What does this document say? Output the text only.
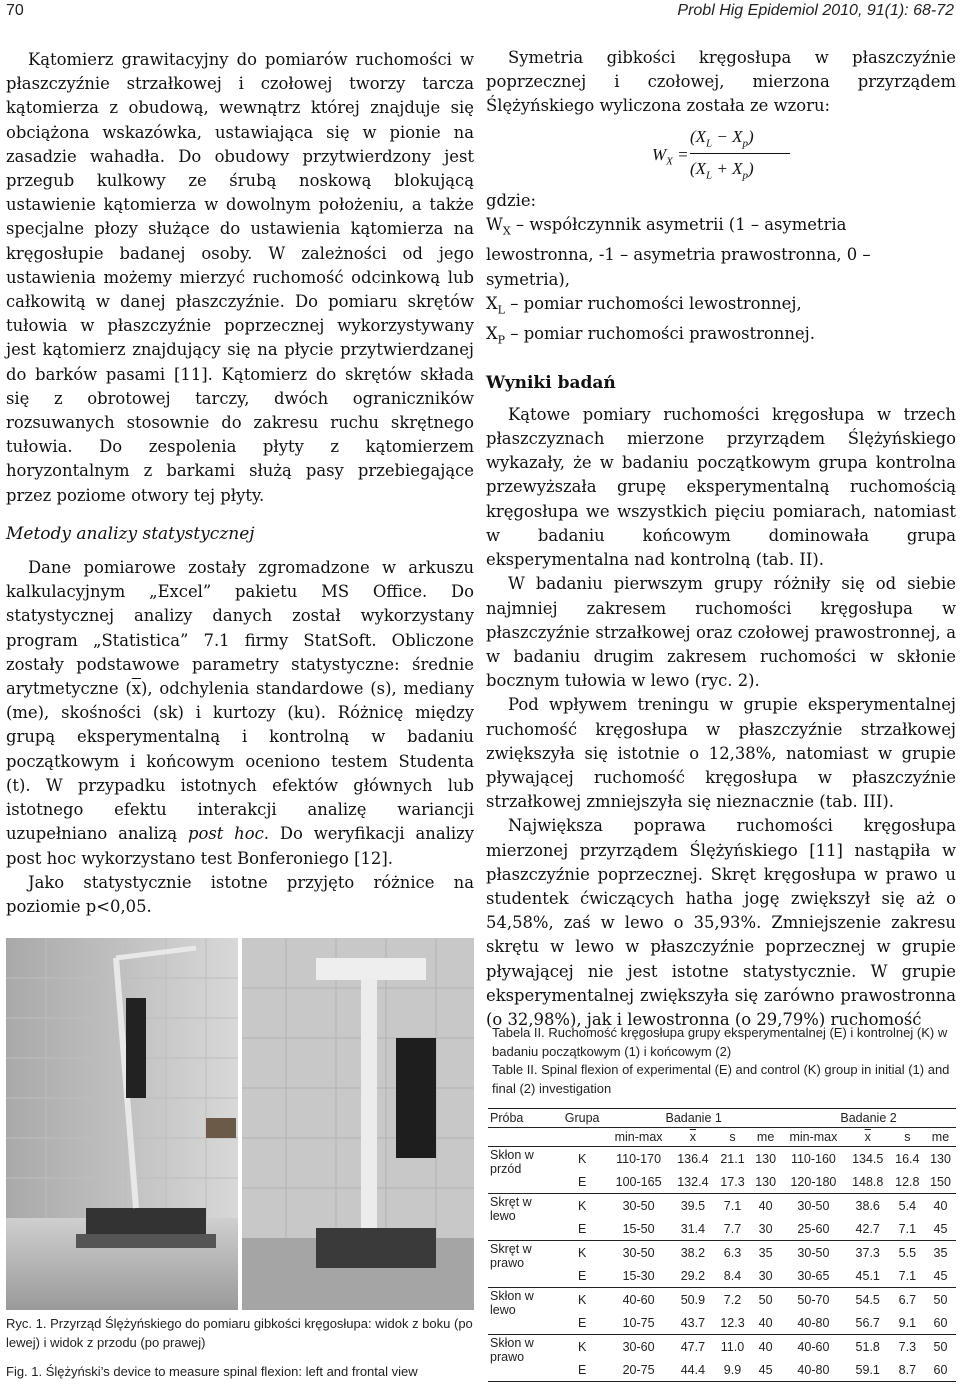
70	Probl Hig Epidemiol 2010, 91(1): 68-72

Kątomierz grawitacyjny do pomiarów ruchomości w płaszczyźnie strzałkowej i czołowej tworzy tarcza kątomierza z obudową, wewnątrz której znajduje się obciążona wskazówka, ustawiająca się w pionie na zasadzie wahadła. Do obudowy przytwierdzony jest przegub kulkowy ze śrubą noskową blokującą ustawienie kątomierza w dowolnym położeniu, a także specjalne płozy służące do ustawienia kątomierza na kręgosłupie badanej osoby. W zależności od jego ustawienia możemy mierzyć ruchomość odcinkową lub całkowitą w danej płaszczyźnie. Do pomiaru skrętów tułowia w płaszczyźnie poprzecznej wykorzystywany jest kątomierz znajdujący się na płycie przytwierdzanej do barków pasami [11]. Kątomierz do skrętów składa się z obrotowej tarczy, dwóch ograniczników rozsuwanych stosownie do zakresu ruchu skrętnego tułowia. Do zespolenia płyty z kątomierzem horyzontalnym z barkami służą pasy przebiegające przez poziome otwory tej płyty.

Metody analizy statystycznej

Dane pomiarowe zostały zgromadzone w arkuszu kalkulacyjnym „Excel” pakietu MS Office. Do statystycznej analizy danych został wykorzystany program „Statistica” 7.1 firmy StatSoft. Obliczone zostały podstawowe parametry statystyczne: średnie arytmetyczne $(\overline{x})$, odchylenia standardowe (s), mediany (me), skośności (sk) i kurtozy (ku). Różnicę między grupą eksperymentalną i kontrolną w badaniu początkowym i końcowym oceniono testem Studenta (t). W przypadku istotnych efektów głównych lub istotnego efektu interakcji analizę wariancji uzupełniano analizą post hoc. Do weryfikacji analizy post hoc wykorzystano test Bonferoniego [12].

Jako statystycznie istotne przyjęto różnice na poziomie p<0,05.

Ryc. 1. Przyrząd Ślężyńskiego do pomiaru gibkości kręgosłupa: widok z boku (po lewej) i widok z przodu (po prawej)
Fig. 1. Ślężyński’s device to measure spinal flexion: left and frontal view

Symetria gibkości kręgosłupa w płaszczyźnie poprzecznej i czołowej, mierzona przyrządem Ślężyńskiego wyliczona została ze wzoru:

$W_X$ =
$(X_L - X_p)$
$(X_L + X_p)$

gdzie:

$W_X$ – współczynnik asymetrii (1 – asymetria lewostronna, -1 – asymetria prawostronna, 0 – symetria),

$X_L$ – pomiar ruchomości lewostronnej,

$X_P$ – pomiar ruchomości prawostronnej.

Wyniki badań

Kątowe pomiary ruchomości kręgosłupa w trzech płaszczyznach mierzone przyrządem Ślężyńskiego wykazały, że w badaniu początkowym grupa kontrolna przewyższała grupę eksperymentalną ruchomością kręgosłupa we wszystkich pięciu pomiarach, natomiast w badaniu końcowym dominowała grupa eksperymentalna nad kontrolną (tab. II).

W badaniu pierwszym grupy różniły się od siebie najmniej zakresem ruchomości kręgosłupa w płaszczyźnie strzałkowej oraz czołowej prawostronnej, a w badaniu drugim zakresem ruchomości w skłonie bocznym tułowia w lewo (ryc. 2).

Pod wpływem treningu w grupie eksperymentalnej ruchomość kręgosłupa w płaszczyźnie strzałkowej zwiększyła się istotnie o 12,38%, natomiast w grupie pływającej ruchomość kręgosłupa w płaszczyźnie strzałkowej zmniejszyła się nieznacznie (tab. III).

Największa poprawa ruchomości kręgosłupa mierzonej przyrządem Ślężyńskiego [11] nastąpiła w płaszczyźnie poprzecznej. Skręt kręgosłupa w prawo u studentek ćwiczących hatha jogę zwiększył się aż o 54,58%, zaś w lewo o 35,93%. Zmniejszenie zakresu skrętu w lewo w płaszczyźnie poprzecznej w grupie pływającej nie jest istotne statystycznie. W grupie eksperymentalnej zwiększyła się zarówno prawostronna (o 32,98%), jak i lewostronna (o 29,79%) ruchomość

Tabela II. Ruchomość kręgosłupa grupy eksperymentalnej (E) i kontrolnej (K) w badaniu początkowym (1) i końcowym (2)
Table II. Spinal flexion of experimental (E) and control (K) group in initial (1) and final (2) investigation
Próba	Grupa	Badanie 1				Badanie 2			
		min-max	$\overline{x}$	s	me	min-max	$\overline{x}$	s	me
Skłon w przód	K	110-170	136.4	21.1	130	110-160	134.5	16.4	130
	E	100-165	132.4	17.3	130	120-180	148.8	12.8	150
Skręt w lewo	K	30-50	39.5	7.1	40	30-50	38.6	5.4	40
	E	15-50	31.4	7.7	30	25-60	42.7	7.1	45
Skręt w prawo	K	30-50	38.2	6.3	35	30-50	37.3	5.5	35
	E	15-30	29.2	8.4	30	30-65	45.1	7.1	45
Skłon w lewo	K	40-60	50.9	7.2	50	50-70	54.5	6.7	50
	E	10-75	43.7	12.3	40	40-80	56.7	9.1	60
Skłon w prawo	K	30-60	47.7	11.0	40	40-60	51.8	7.3	50
	E	20-75	44.4	9.9	45	40-80	59.1	8.7	60
